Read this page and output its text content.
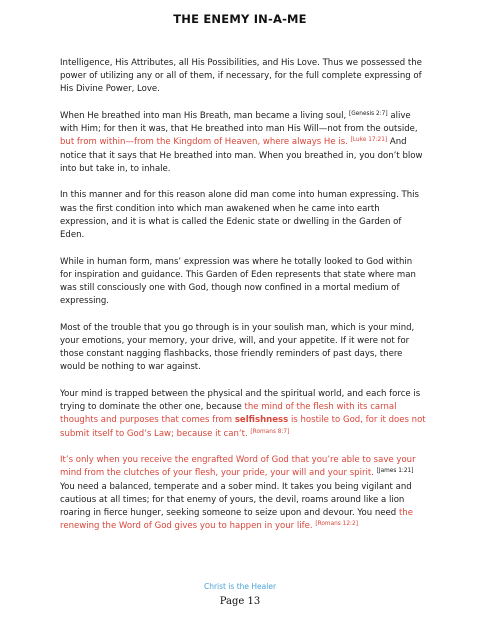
THE ENEMY IN-A-ME

Intelligence, His Attributes, all His Possibilities, and His Love. Thus we possessed the power of utilizing any or all of them, if necessary, for the full complete expressing of His Divine Power, Love.

When He breathed into man His Breath, man became a living soul, [Genesis 2:7] alive with Him; for then it was, that He breathed into man His Will—not from the outside, but from within—from the Kingdom of Heaven, where always He is. [Luke 17:21] And notice that it says that He breathed into man. When you breathed in, you don’t blow into but take in, to inhale.

In this manner and for this reason alone did man come into human expressing. This was the first condition into which man awakened when he came into earth expression, and it is what is called the Edenic state or dwelling in the Garden of Eden.

While in human form, mans’ expression was where he totally looked to God within for inspiration and guidance. This Garden of Eden represents that state where man was still consciously one with God, though now confined in a mortal medium of expressing.

Most of the trouble that you go through is in your soulish man, which is your mind, your emotions, your memory, your drive, will, and your appetite. If it were not for those constant nagging flashbacks, those friendly reminders of past days, there would be nothing to war against.

Your mind is trapped between the physical and the spiritual world, and each force is trying to dominate the other one, because the mind of the flesh with its carnal thoughts and purposes that comes from selfishness is hostile to God, for it does not submit itself to God’s Law; because it can’t. [Romans 8:7]

It’s only when you receive the engrafted Word of God that you’re able to save your mind from the clutches of your flesh, your pride, your will and your spirit. [James 1:21] You need a balanced, temperate and a sober mind. It takes you being vigilant and cautious at all times; for that enemy of yours, the devil, roams around like a lion roaring in fierce hunger, seeking someone to seize upon and devour. You need the renewing the Word of God gives you to happen in your life. [Romans 12:2]

Christ is the Healer
Page 13
